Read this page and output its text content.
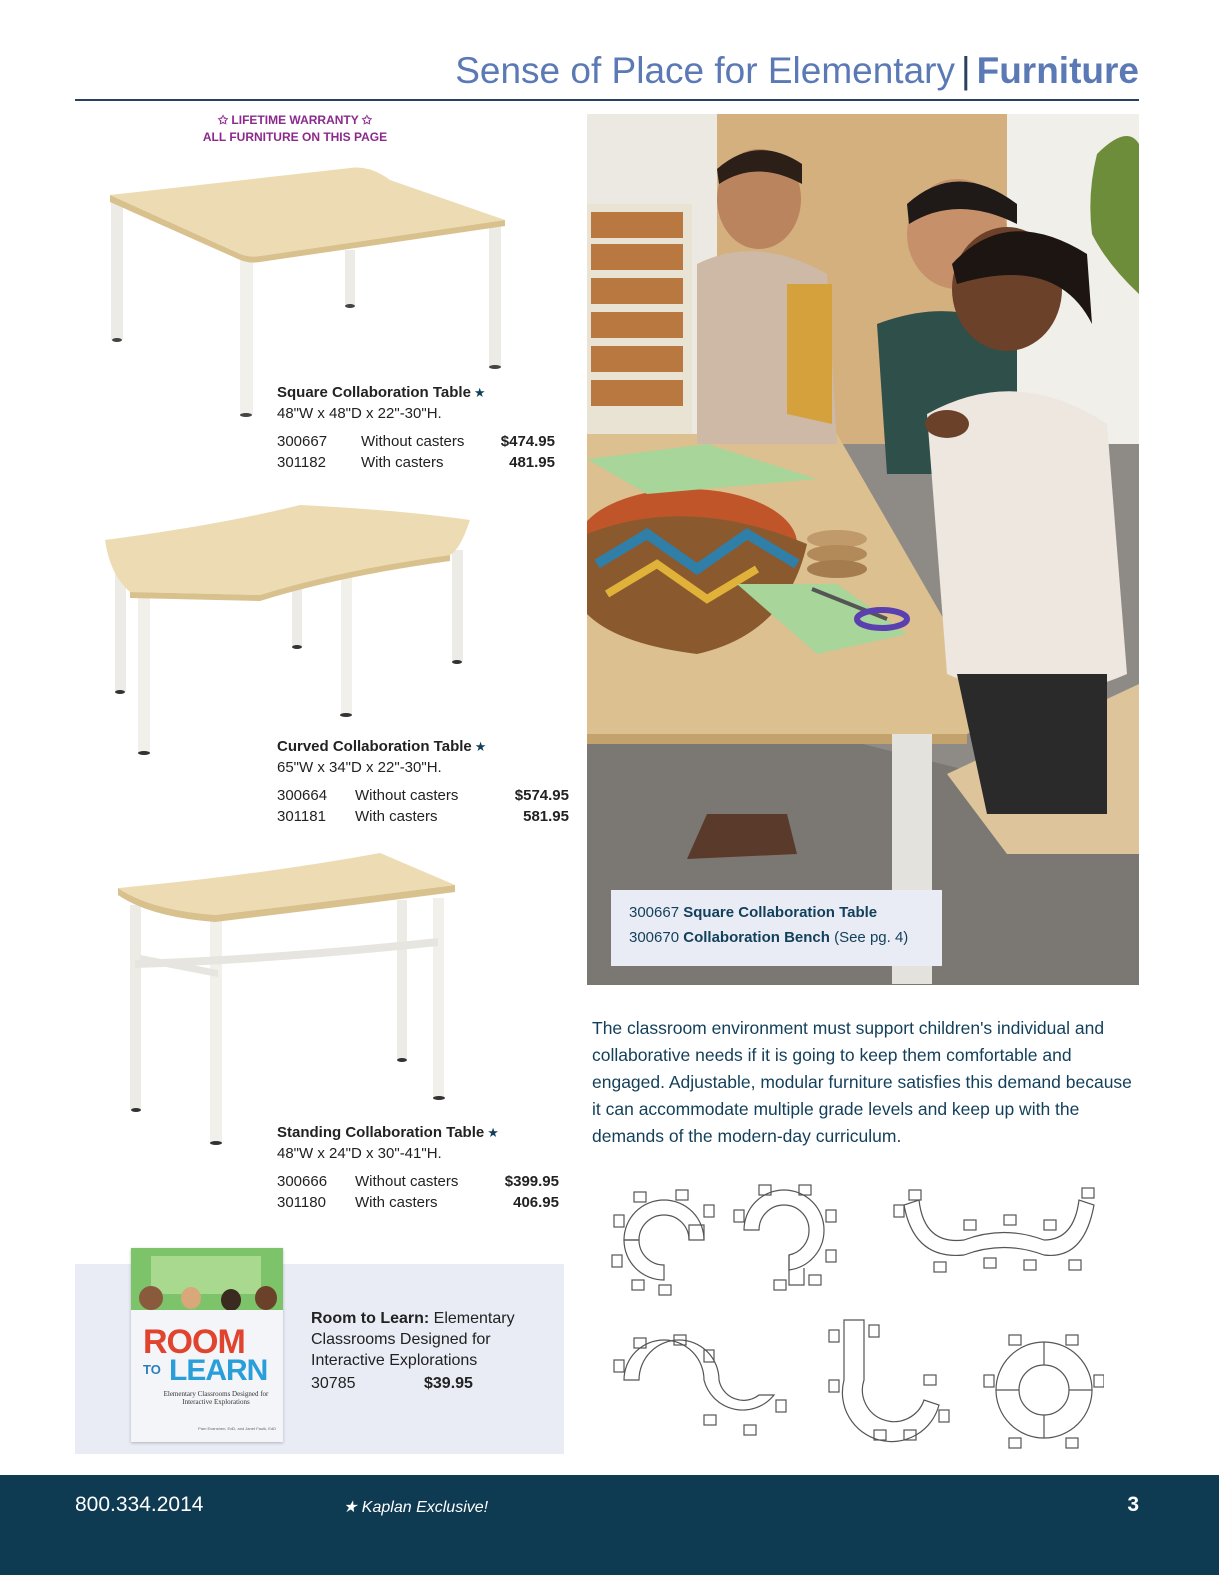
Sense of Place for Elementary | Furniture
✩ LIFETIME WARRANTY ✩
ALL FURNITURE ON THIS PAGE
Square Collaboration Table ★
48"W x 48"D x 22"-30"H.
300667	Without casters	$474.95
301182	With casters	481.95
Curved Collaboration Table ★
65"W x 34"D x 22"-30"H.
300664	Without casters	$574.95
301181	With casters	581.95
Standing Collaboration Table ★
48"W x 24"D x 30"-41"H.
300666	Without casters	$399.95
301180	With casters	406.95
300667 Square Collaboration Table
300670 Collaboration Bench (See pg. 4)
The classroom environment must support children's individual and collaborative needs if it is going to keep them comfortable and engaged. Adjustable, modular furniture satisfies this demand because it can accommodate multiple grade levels and keep up with the demands of the modern-day curriculum.
ROOM
TO LEARN
Elementary Classrooms Designed for Interactive Explorations
Pam Evanshen, EdD, and Janet Faulk, EdD
Room to Learn: Elementary Classrooms Designed for Interactive Explorations
30785	$39.95
800.334.2014	★ Kaplan Exclusive!	3
